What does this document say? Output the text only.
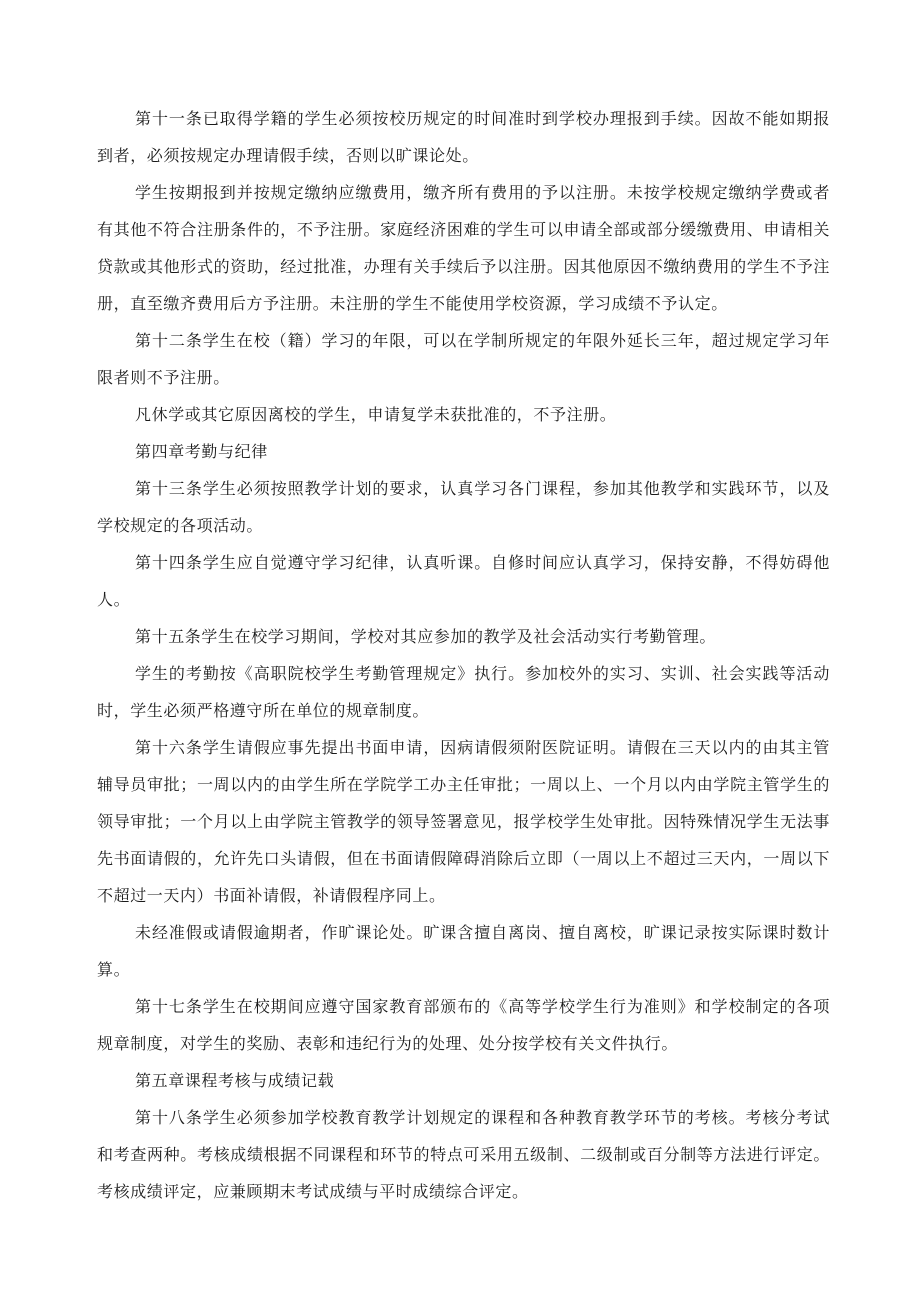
第十一条已取得学籍的学生必须按校历规定的时间准时到学校办理报到手续。因故不能如期报到者，必须按规定办理请假手续，否则以旷课论处。

学生按期报到并按规定缴纳应缴费用，缴齐所有费用的予以注册。未按学校规定缴纳学费或者有其他不符合注册条件的，不予注册。家庭经济困难的学生可以申请全部或部分缓缴费用、申请相关贷款或其他形式的资助，经过批准，办理有关手续后予以注册。因其他原因不缴纳费用的学生不予注册，直至缴齐费用后方予注册。未注册的学生不能使用学校资源，学习成绩不予认定。

第十二条学生在校（籍）学习的年限，可以在学制所规定的年限外延长三年，超过规定学习年限者则不予注册。

凡休学或其它原因离校的学生，申请复学未获批准的，不予注册。

第四章考勤与纪律

第十三条学生必须按照教学计划的要求，认真学习各门课程，参加其他教学和实践环节，以及学校规定的各项活动。

第十四条学生应自觉遵守学习纪律，认真听课。自修时间应认真学习，保持安静，不得妨碍他人。

第十五条学生在校学习期间，学校对其应参加的教学及社会活动实行考勤管理。

学生的考勤按《高职院校学生考勤管理规定》执行。参加校外的实习、实训、社会实践等活动时，学生必须严格遵守所在单位的规章制度。

第十六条学生请假应事先提出书面申请，因病请假须附医院证明。请假在三天以内的由其主管辅导员审批；一周以内的由学生所在学院学工办主任审批；一周以上、一个月以内由学院主管学生的领导审批；一个月以上由学院主管教学的领导签署意见，报学校学生处审批。因特殊情况学生无法事先书面请假的，允许先口头请假，但在书面请假障碍消除后立即（一周以上不超过三天内，一周以下不超过一天内）书面补请假，补请假程序同上。

未经准假或请假逾期者，作旷课论处。旷课含擅自离岗、擅自离校，旷课记录按实际课时数计算。

第十七条学生在校期间应遵守国家教育部颁布的《高等学校学生行为准则》和学校制定的各项规章制度，对学生的奖励、表彰和违纪行为的处理、处分按学校有关文件执行。

第五章课程考核与成绩记载

第十八条学生必须参加学校教育教学计划规定的课程和各种教育教学环节的考核。考核分考试和考查两种。考核成绩根据不同课程和环节的特点可采用五级制、二级制或百分制等方法进行评定。考核成绩评定，应兼顾期末考试成绩与平时成绩综合评定。
